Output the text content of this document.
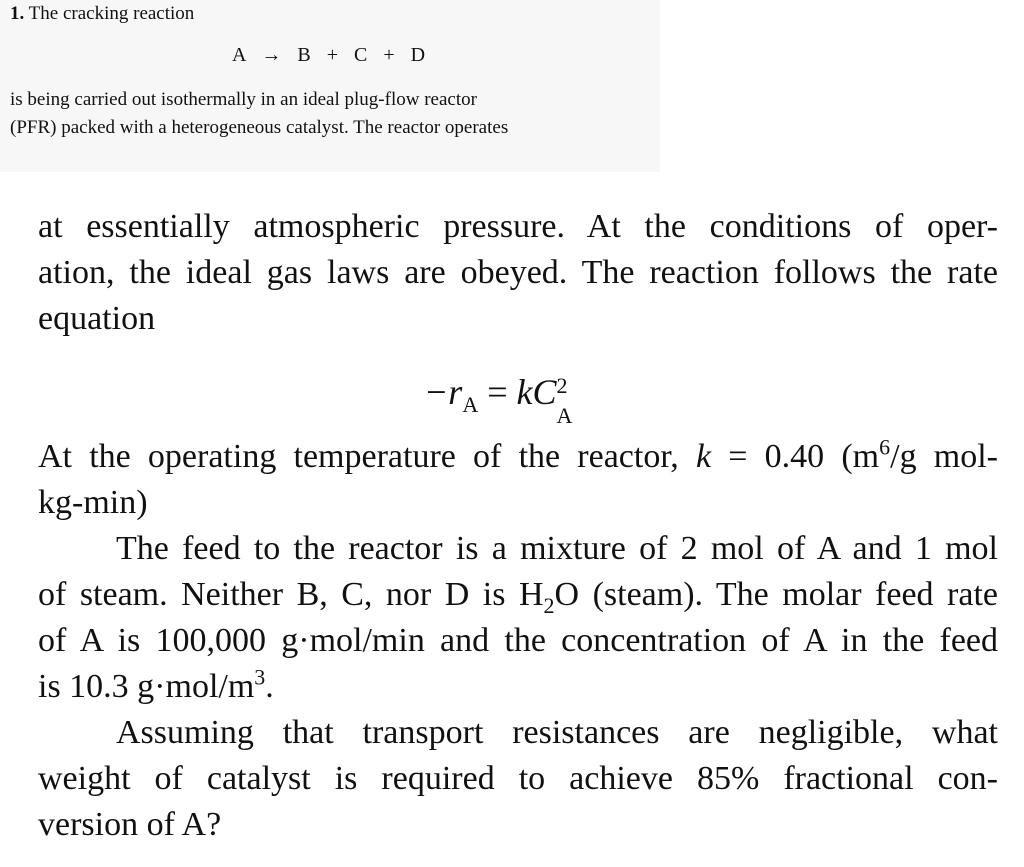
1. The cracking reaction
A → B + C + D
is being carried out isothermally in an ideal plug-flow reactor
(PFR) packed with a heterogeneous catalyst. The reactor operates
at essentially atmospheric pressure. At the conditions of oper-
ation, the ideal gas laws are obeyed. The reaction follows the rate
equation
$-r_A$ = kC 2
A
At the operating temperature of the reactor, k = 0.40 ($m^6/g$ mol-
kg-min)
The feed to the reactor is a mixture of 2 mol of A and 1 mol
of steam. Neither B, C, nor D is $H_2O$ (steam). The molar feed rate
of A is 100,000 g·mol/min and the concentration of A in the feed
is 10.3 $g\cdot mol/m^3$.
Assuming that transport resistances are negligible, what
weight of catalyst is required to achieve 85% fractional con-
version of A?
